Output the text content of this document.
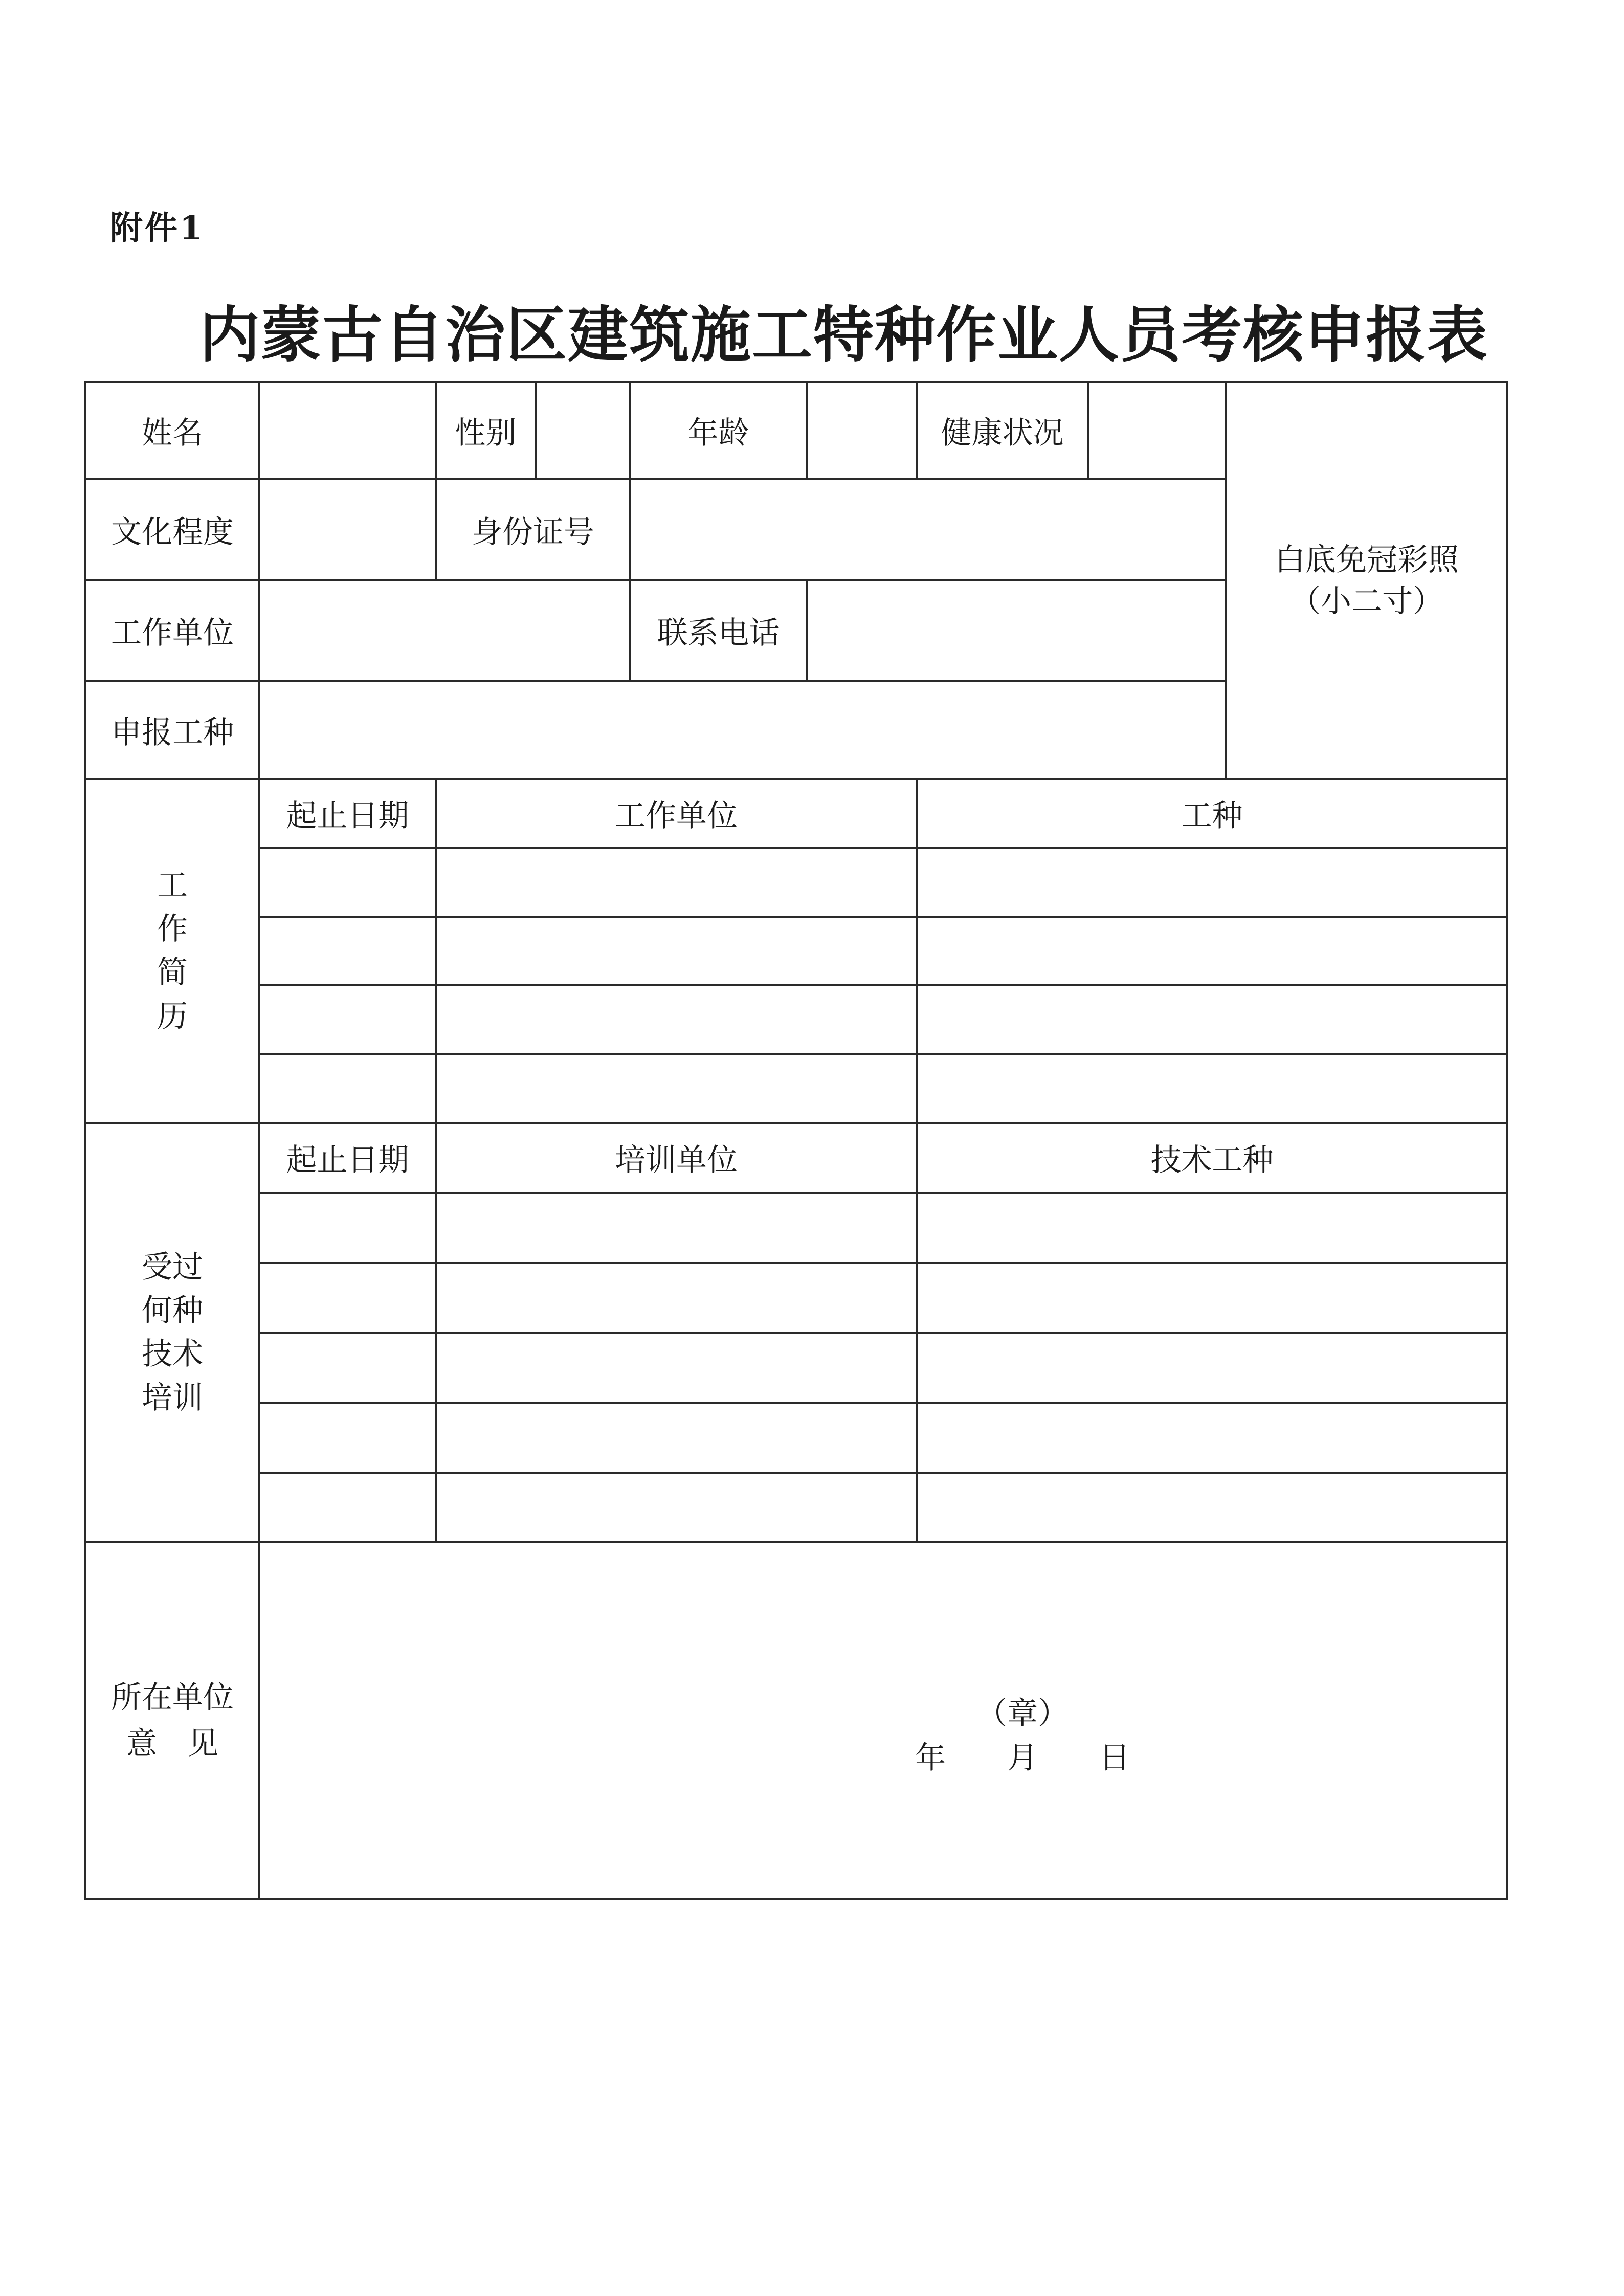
附件1
内蒙古自治区建筑施工特种作业人员考核申报表
姓名		性别		年龄		健康状况		白底免冠彩照
（小二寸）

文化程度		身份证号						
工作单位				联系电话				
申报工种								

工
作
简
历	起止日期	工作单位				工种		

受过
何种
技术
培训	起止日期	培训单位				技术工种		

所在单位
意　见	（章）
年　　月　　日							
